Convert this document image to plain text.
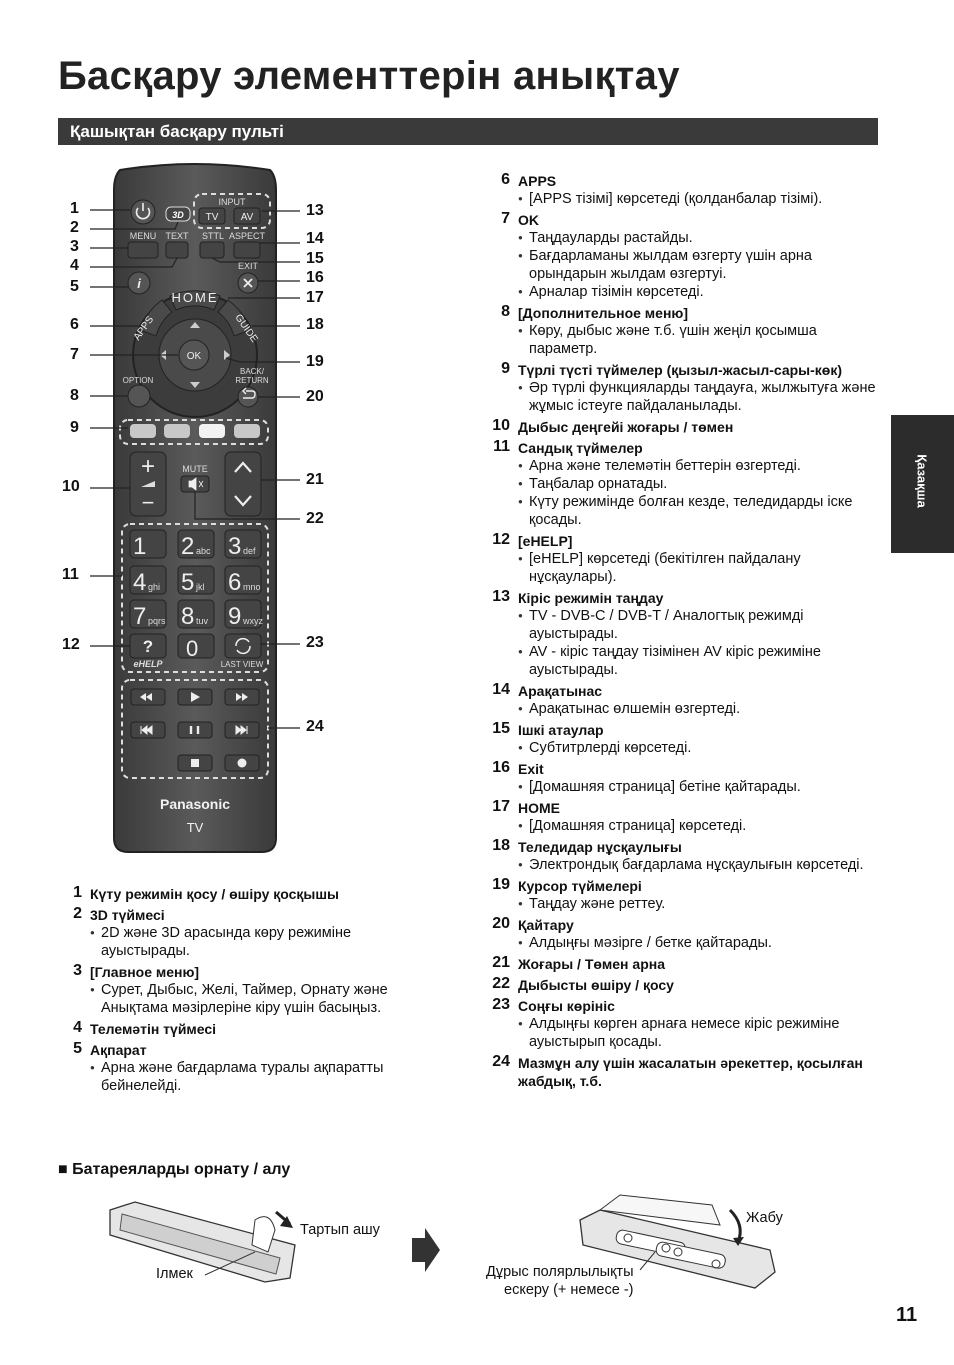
Басқару элементтерін анықтау
Қашықтан басқару пульті
Қазақша
3D
INPUT
TV AV
MENU TEXT STTL ASPECT
i
EXIT
HOME
APPS	GUIDE
OK
OPTION
BACK/
RETURN
+
−
MUTE
1 2 abc 3 def
4 ghi 5 jkl 6 mno
7 pqrs 8 tuv 9 wxyz
?
eHELP
0
LAST VIEW
Panasonic
TV
1
2
3
4
5
6
7
8
9
10
11
12
13
14
15
16
17
18
19
20
21
22
23
24
1 Күту режимін қосу / өшіру қосқышы
2 3D түймесі
● 2D және 3D арасында көру режиміне ауыстырады.
3 [Главное меню]
● Сурет, Дыбыс, Желі, Таймер, Орнату және Анықтама мәзірлеріне кіру үшін басыңыз.
4 Телемәтін түймесі
5 Ақпарат
● Арна және бағдарлама туралы ақпаратты бейнелейді.
6 APPS
● [APPS тізімі] көрсетеді (қолданбалар тізімі).
7 OK
● Таңдауларды растайды.
● Бағдарламаны жылдам өзгерту үшін арна орындарын жылдам өзгертуі.
● Арналар тізімін көрсетеді.
8 [Дополнительное меню]
● Көру, дыбыс және т.б. үшін жеңіл қосымша параметр.
9 Түрлі түсті түймелер (қызыл-жасыл-сары-көк)
● Әр түрлі функцияларды таңдауға, жылжытуға және жұмыс істеуге пайдаланылады.
10 Дыбыс деңгейі жоғары / төмен
11 Сандық түймелер
● Арна және телемәтін беттерін өзгертеді.
● Таңбалар орнатады.
● Күту режимінде болған кезде, теледидарды іске қосады.
12 [eHELP]
● [eHELP] көрсетеді (бекітілген пайдалану нұсқаулары).
13 Кіріс режимін таңдау
● TV - DVB-C / DVB-T / Аналогтық режимді ауыстырады.
● AV - кіріс таңдау тізімінен AV кіріс режиміне ауыстырады.
14 Арақатынас
● Арақатынас өлшемін өзгертеді.
15 Ішкі атаулар
● Субтитрлерді көрсетеді.
16 Exit
● [Домашняя страница] бетіне қайтарады.
17 HOME
● [Домашняя страница] көрсетеді.
18 Теледидар нұсқаулығы
● Электрондық бағдарлама нұсқаулығын көрсетеді.
19 Курсор түймелері
● Таңдау және реттеу.
20 Қайтару
● Алдыңғы мәзірге / бетке қайтарады.
21 Жоғары / Төмен арна
22 Дыбысты өшіру / қосу
23 Соңғы көрініс
● Алдыңғы көрген арнаға немесе кіріс режиміне ауыстырып қосады.
24 Мазмұн алу үшін жасалатын әрекеттер, қосылған жабдық, т.б.
■ Батареяларды орнату / алу
Тартып ашу
Ілмек
Жабу
Дұрыс полярлылықты
ескеру (+ немесе -)
11
